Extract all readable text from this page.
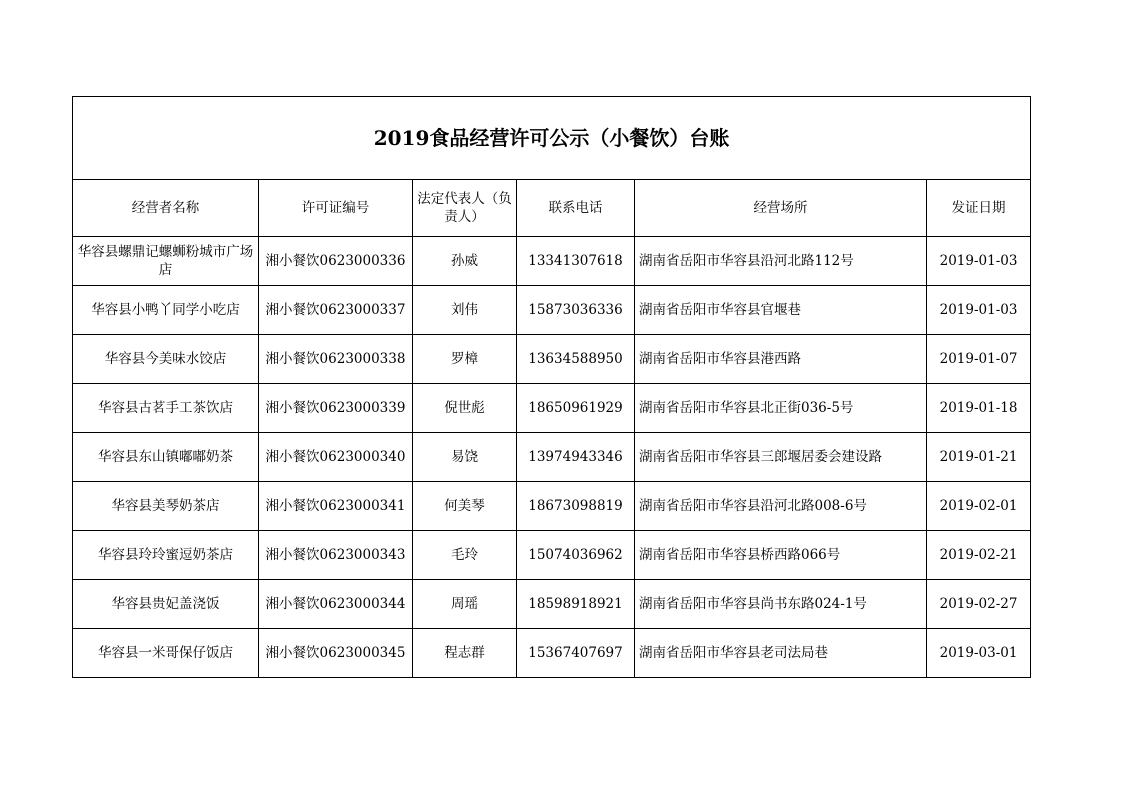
2019食品经营许可公示（小餐饮）台账					
经营者名称	许可证编号	法定代表人（负责人）	联系电话	经营场所	发证日期
华容县螺鼎记螺蛳粉城市广场店	湘小餐饮0623000336	孙威	13341307618	湖南省岳阳市华容县沿河北路112号	2019-01-03
华容县小鸭丫同学小吃店	湘小餐饮0623000337	刘伟	15873036336	湖南省岳阳市华容县官堰巷	2019-01-03
华容县今美味水饺店	湘小餐饮0623000338	罗樟	13634588950	湖南省岳阳市华容县港西路	2019-01-07
华容县古茗手工茶饮店	湘小餐饮0623000339	倪世彪	18650961929	湖南省岳阳市华容县北正街036-5号	2019-01-18
华容县东山镇嘟嘟奶茶	湘小餐饮0623000340	易饶	13974943346	湖南省岳阳市华容县三郎堰居委会建设路	2019-01-21
华容县美琴奶茶店	湘小餐饮0623000341	何美琴	18673098819	湖南省岳阳市华容县沿河北路008-6号	2019-02-01
华容县玲玲蜜逗奶茶店	湘小餐饮0623000343	毛玲	15074036962	湖南省岳阳市华容县桥西路066号	2019-02-21
华容县贵妃盖浇饭	湘小餐饮0623000344	周瑶	18598918921	湖南省岳阳市华容县尚书东路024-1号	2019-02-27
华容县一米哥保仔饭店	湘小餐饮0623000345	程志群	15367407697	湖南省岳阳市华容县老司法局巷	2019-03-01
